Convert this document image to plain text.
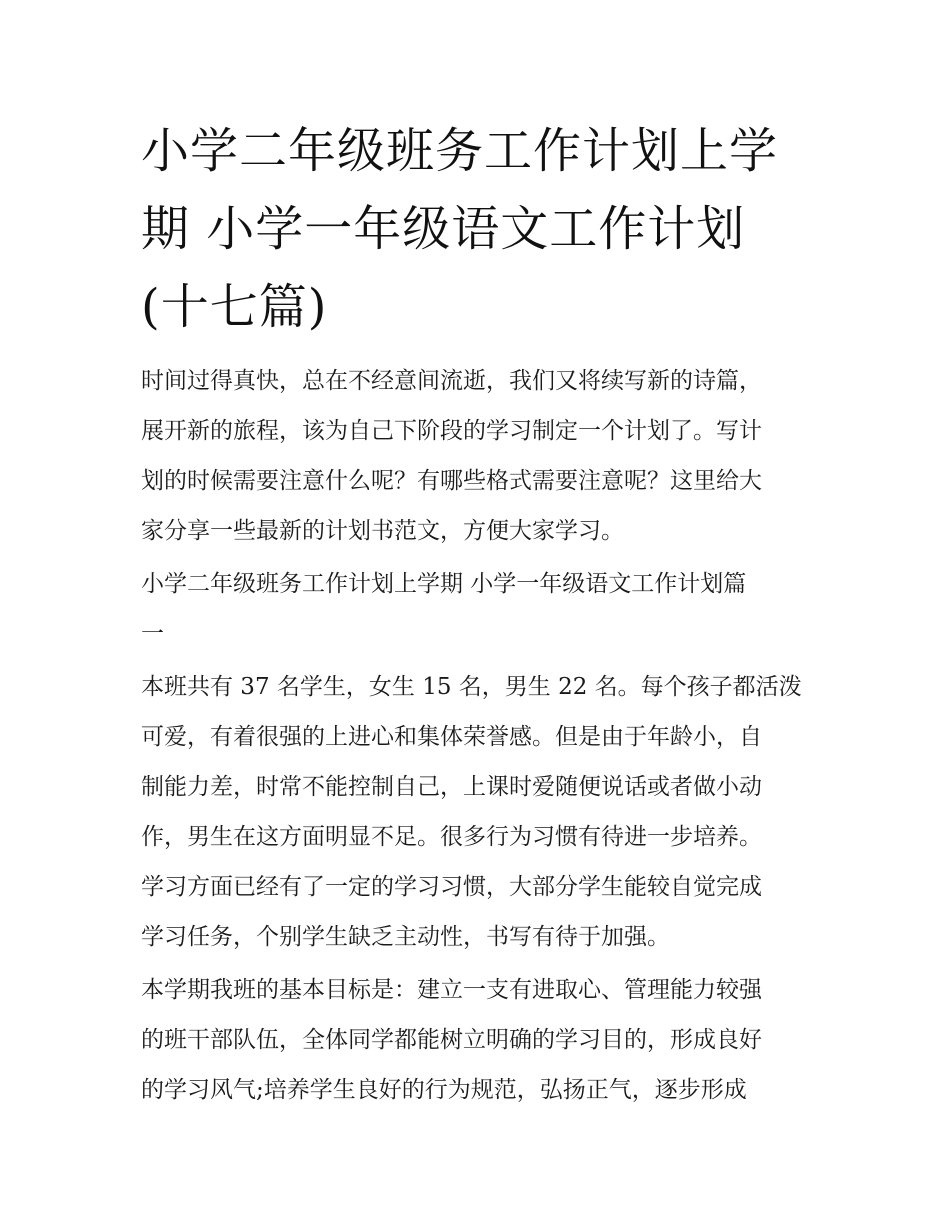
小学二年级班务工作计划上学
期 小学一年级语文工作计划
(十七篇)

时间过得真快，总在不经意间流逝，我们又将续写新的诗篇，
展开新的旅程，该为自己下阶段的学习制定一个计划了。写计
划的时候需要注意什么呢？有哪些格式需要注意呢？这里给大
家分享一些最新的计划书范文，方便大家学习。

小学二年级班务工作计划上学期 小学一年级语文工作计划篇
一

本班共有 37 名学生，女生 15 名，男生 22 名。每个孩子都活泼
可爱，有着很强的上进心和集体荣誉感。但是由于年龄小，自
制能力差，时常不能控制自己，上课时爱随便说话或者做小动
作，男生在这方面明显不足。很多行为习惯有待进一步培养。
学习方面已经有了一定的学习习惯，大部分学生能较自觉完成
学习任务，个别学生缺乏主动性，书写有待于加强。

本学期我班的基本目标是：建立一支有进取心、管理能力较强
的班干部队伍，全体同学都能树立明确的学习目的，形成良好
的学习风气;培养学生良好的行为规范，弘扬正气，逐步形成
